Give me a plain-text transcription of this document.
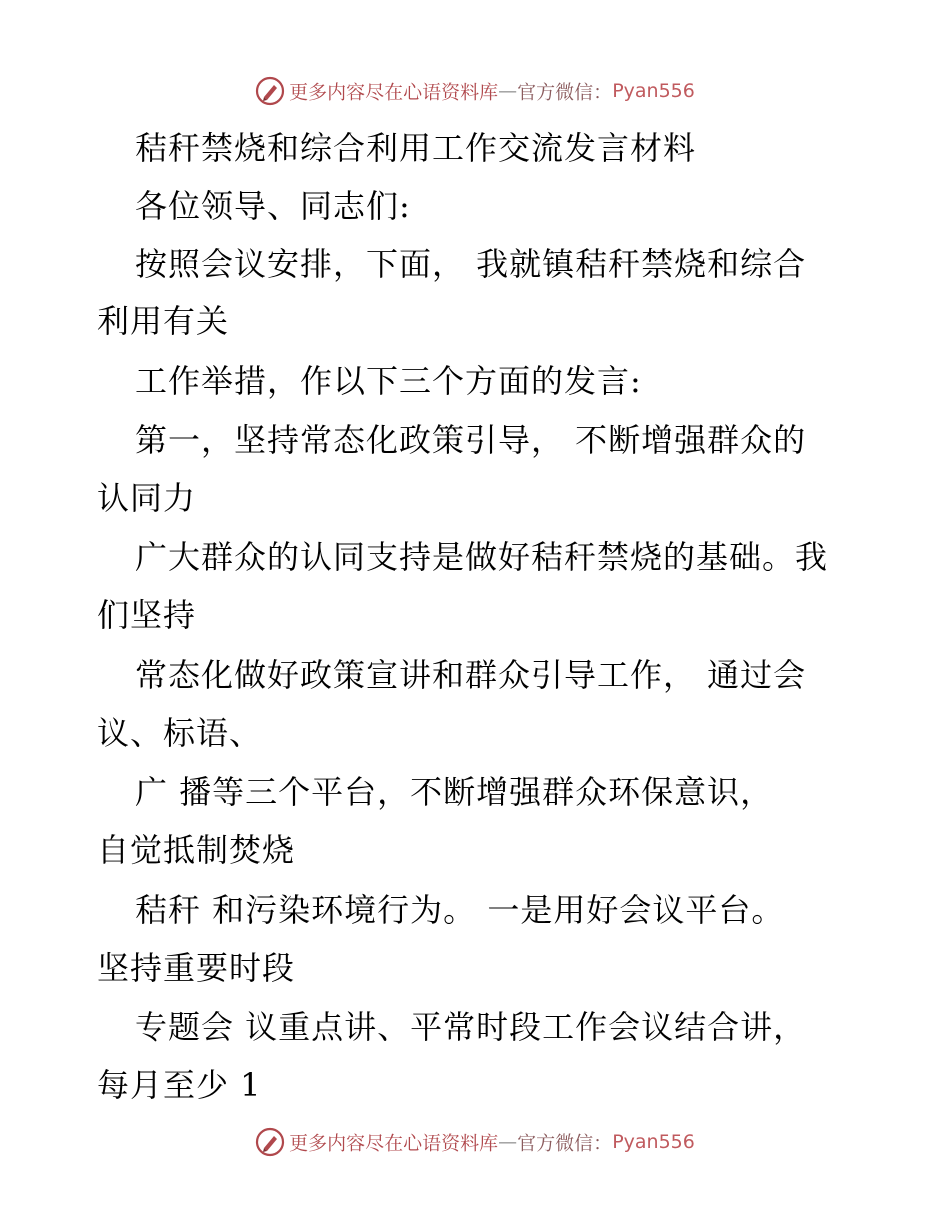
更多内容尽在心语资料库—官方微信：Pyan556
秸秆禁烧和综合利用工作交流发言材料
各位领导、同志们:
按照会议安排，下面， 我就镇秸秆禁烧和综合
利用有关
工作举措，作以下三个方面的发言:
第一，坚持常态化政策引导， 不断增强群众的
认同力
广大群众的认同支持是做好秸秆禁烧的基础。我
们坚持
常态化做好政策宣讲和群众引导工作， 通过会
议、标语、
广 播等三个平台，不断增强群众环保意识，
自觉抵制焚烧
秸秆 和污染环境行为。 一是用好会议平台。
坚持重要时段
专题会 议重点讲、平常时段工作会议结合讲，
每月至少 1
更多内容尽在心语资料库—官方微信：Pyan556
